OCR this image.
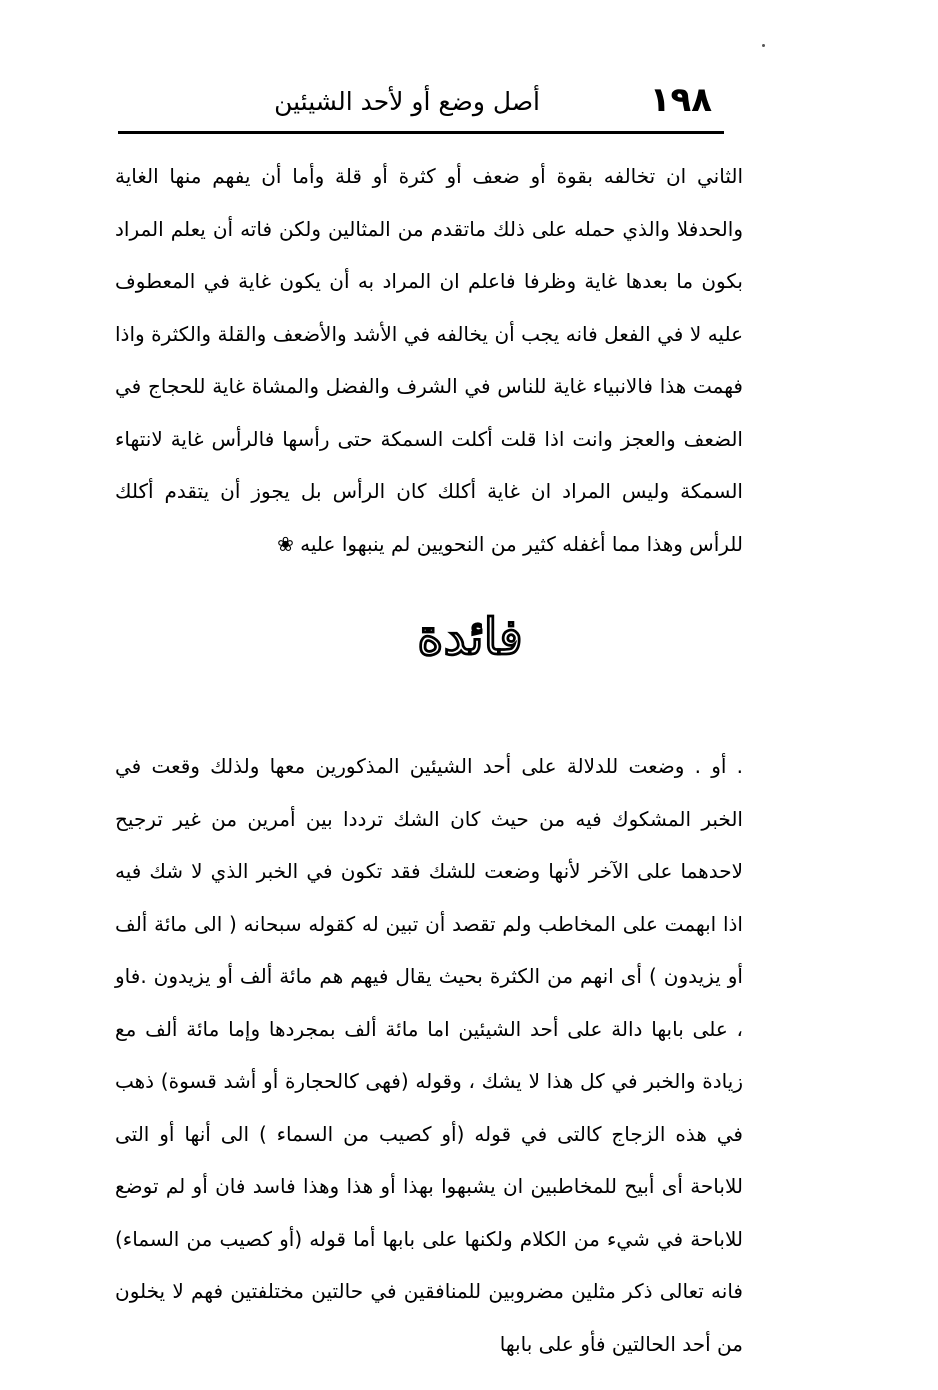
١٩٨
أصل وضع أو لأحد الشيئين

الثاني ان تخالفه بقوة أو ضعف أو كثرة أو قلة وأما أن يفهم منها الغاية والحدفلا والذي حمله على ذلك ماتقدم من المثالين ولكن فاته أن يعلم المراد بكون ما بعدها غاية وظرفا فاعلم ان المراد به أن يكون غاية في المعطوف عليه لا في الفعل فانه يجب أن يخالفه في الأشد والأضعف والقلة والكثرة واذا فهمت هذا فالانبياء غاية للناس في الشرف والفضل والمشاة غاية للحجاج في الضعف والعجز وانت اذا قلت أكلت السمكة حتى رأسها فالرأس غاية لانتهاء السمكة وليس المراد ان غاية أكلك كان الرأس بل يجوز أن يتقدم أكلك للرأس وهذا مما أغفله كثير من النحويين لم ينبهوا عليه ❀

فائدة

. أو . وضعت للدلالة على أحد الشيئين المذكورين معها ولذلك وقعت في الخبر المشكوك فيه من حيث كان الشك ترددا بين أمرين من غير ترجيح لاحدهما على الآخر لأنها وضعت للشك فقد تكون في الخبر الذي لا شك فيه اذا ابهمت على المخاطب ولم تقصد أن تبين له كقوله سبحانه ( الى مائة ألف أو يزيدون ) أى انهم من الكثرة بحيث يقال فيهم هم مائة ألف أو يزيدون .فاو ، على بابها دالة على أحد الشيئين اما مائة ألف بمجردها وإما مائة ألف مع زيادة والخبر في كل هذا لا يشك ، وقوله (فهى كالحجارة أو أشد قسوة) ذهب في هذه الزجاج كالتى في قوله (أو كصيب من السماء ) الى أنها أو التى للاباحة أى أبيح للمخاطبين ان يشبهوا بهذا أو هذا وهذا فاسد فان أو لم توضع للاباحة في شيء من الكلام ولكنها على بابها أما قوله (أو كصيب من السماء) فانه تعالى ذكر مثلين مضروبين للمنافقين في حالتين مختلفتين فهم لا يخلون من أحد الحالتين فأو على بابها
